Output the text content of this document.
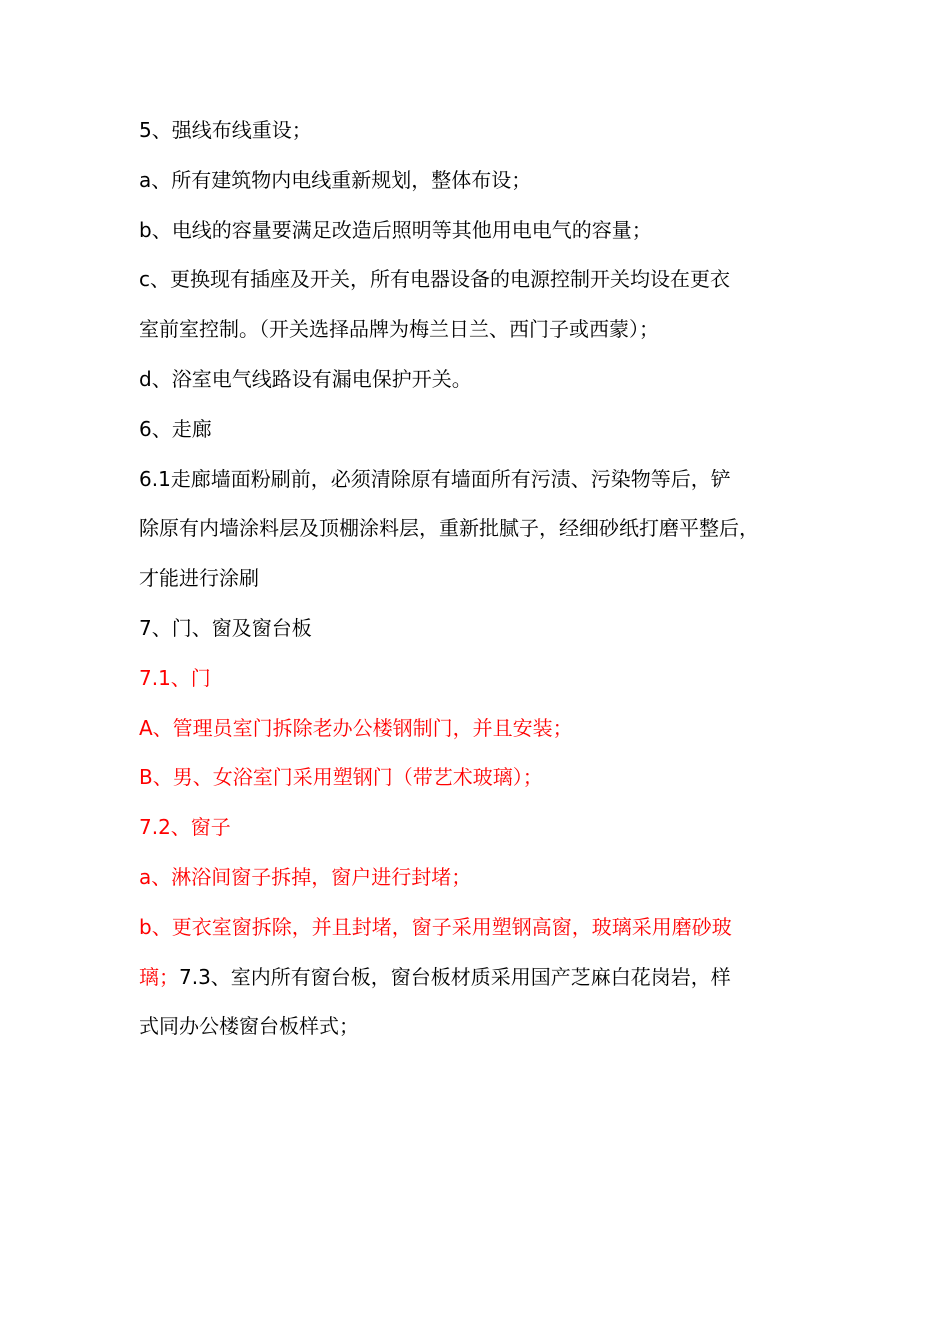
5、强线布线重设；
a、所有建筑物内电线重新规划，整体布设；
b、电线的容量要满足改造后照明等其他用电电气的容量；
c、更换现有插座及开关，所有电器设备的电源控制开关均设在更衣
室前室控制。（开关选择品牌为梅兰日兰、西门子或西蒙）；
d、浴室电气线路设有漏电保护开关。
6、走廊
6.1走廊墙面粉刷前，必须清除原有墙面所有污渍、污染物等后，铲
除原有内墙涂料层及顶棚涂料层，重新批腻子，经细砂纸打磨平整后，
才能进行涂刷
7、门、窗及窗台板
7.1、门
A、管理员室门拆除老办公楼钢制门，并且安装；
B、男、女浴室门采用塑钢门（带艺术玻璃）；
7.2、窗子
a、淋浴间窗子拆掉，窗户进行封堵；
b、更衣室窗拆除，并且封堵，窗子采用塑钢高窗，玻璃采用磨砂玻
璃；7.3、室内所有窗台板，窗台板材质采用国产芝麻白花岗岩，样
式同办公楼窗台板样式；
